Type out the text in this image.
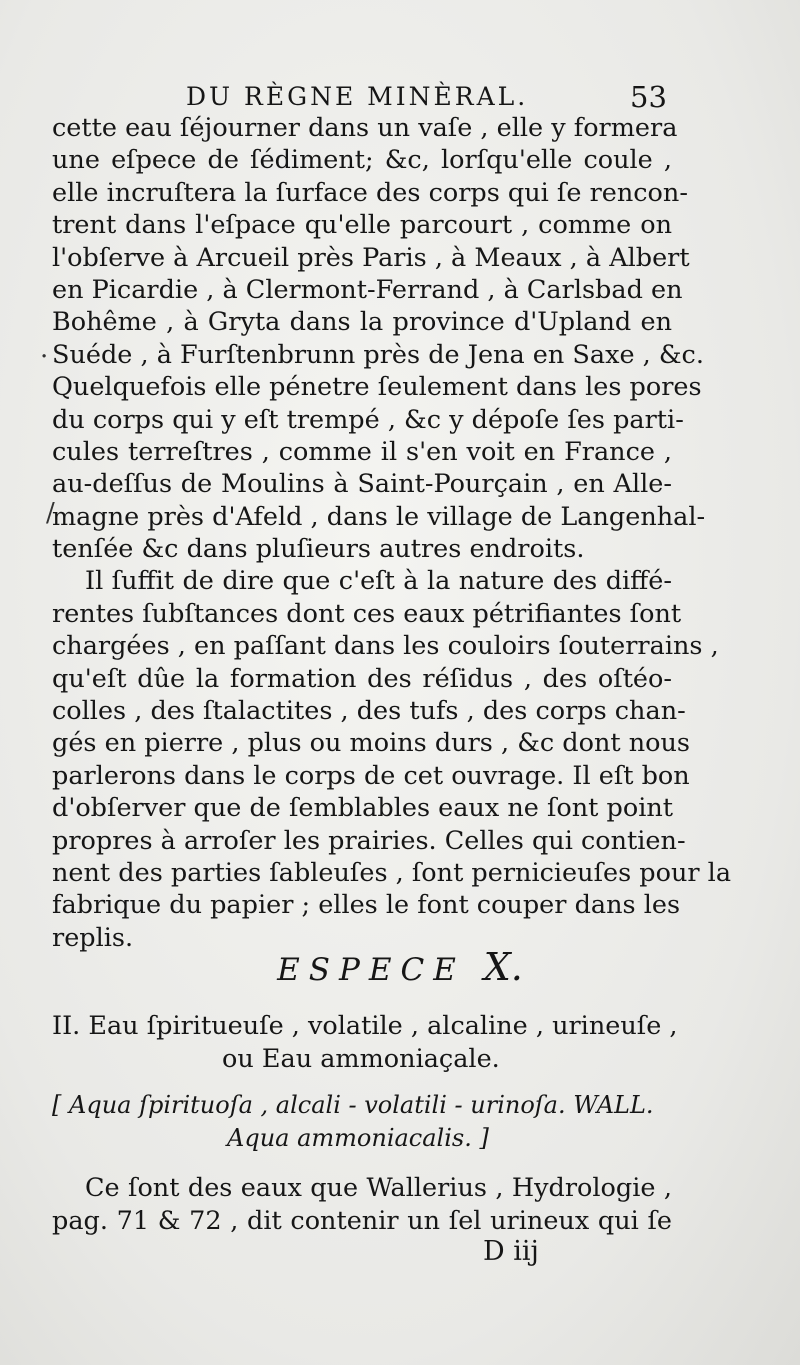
DU RÈGNE MINÈRAL.	53
cette eau ſéjourner dans un vaſe , elle y formera
une eſpece de ſédiment; &c, lorſqu'elle coule ,
elle incruſtera la ſurface des corps qui ſe rencon-
trent dans l'eſpace qu'elle parcourt , comme on
l'obſerve à Arcueil près Paris , à Meaux , à Albert
en Picardie , à Clermont-Ferrand , à Carlsbad en
Bohême , à Gryta dans la province d'Upland en
Suéde , à Furſtenbrunn près de Jena en Saxe , &c.
Quelquefois elle pénetre ſeulement dans les pores
du corps qui y eſt trempé , &c y dépoſe ſes parti-
cules terreſtres , comme il s'en voit en France ,
au-deſſus de Moulins à Saint-Pourçain , en Alle-
magne près d'Afeld , dans le village de Langenhal-
tenſée &c dans pluſieurs autres endroits.
Il ſuffit de dire que c'eſt à la nature des diffé-
rentes ſubſtances dont ces eaux pétrifiantes ſont
chargées , en paſſant dans les couloirs ſouterrains ,
qu'eſt dûe la formation des réſidus , des oſtéo-
colles , des ſtalactites , des tufs , des corps chan-
gés en pierre , plus ou moins durs , &c dont nous
parlerons dans le corps de cet ouvrage. Il eſt bon
d'obſerver que de ſemblables eaux ne ſont point
propres à arroſer les prairies. Celles qui contien-
nent des parties ſableuſes , ſont pernicieuſes pour la
fabrique du papier ; elles le font couper dans les
replis.
ESPECE X.
II. Eau ſpiritueuſe , volatile , alcaline , urineuſe ,
ou Eau ammoniaçale.
[ Aqua ſpirituoſa , alcali - volatili - urinoſa. WALL.
Aqua ammoniacalis. ]
Ce ſont des eaux que Wallerius , Hydrologie ,
pag. 71 & 72 , dit contenir un ſel urineux qui ſe
D iij
·
/
